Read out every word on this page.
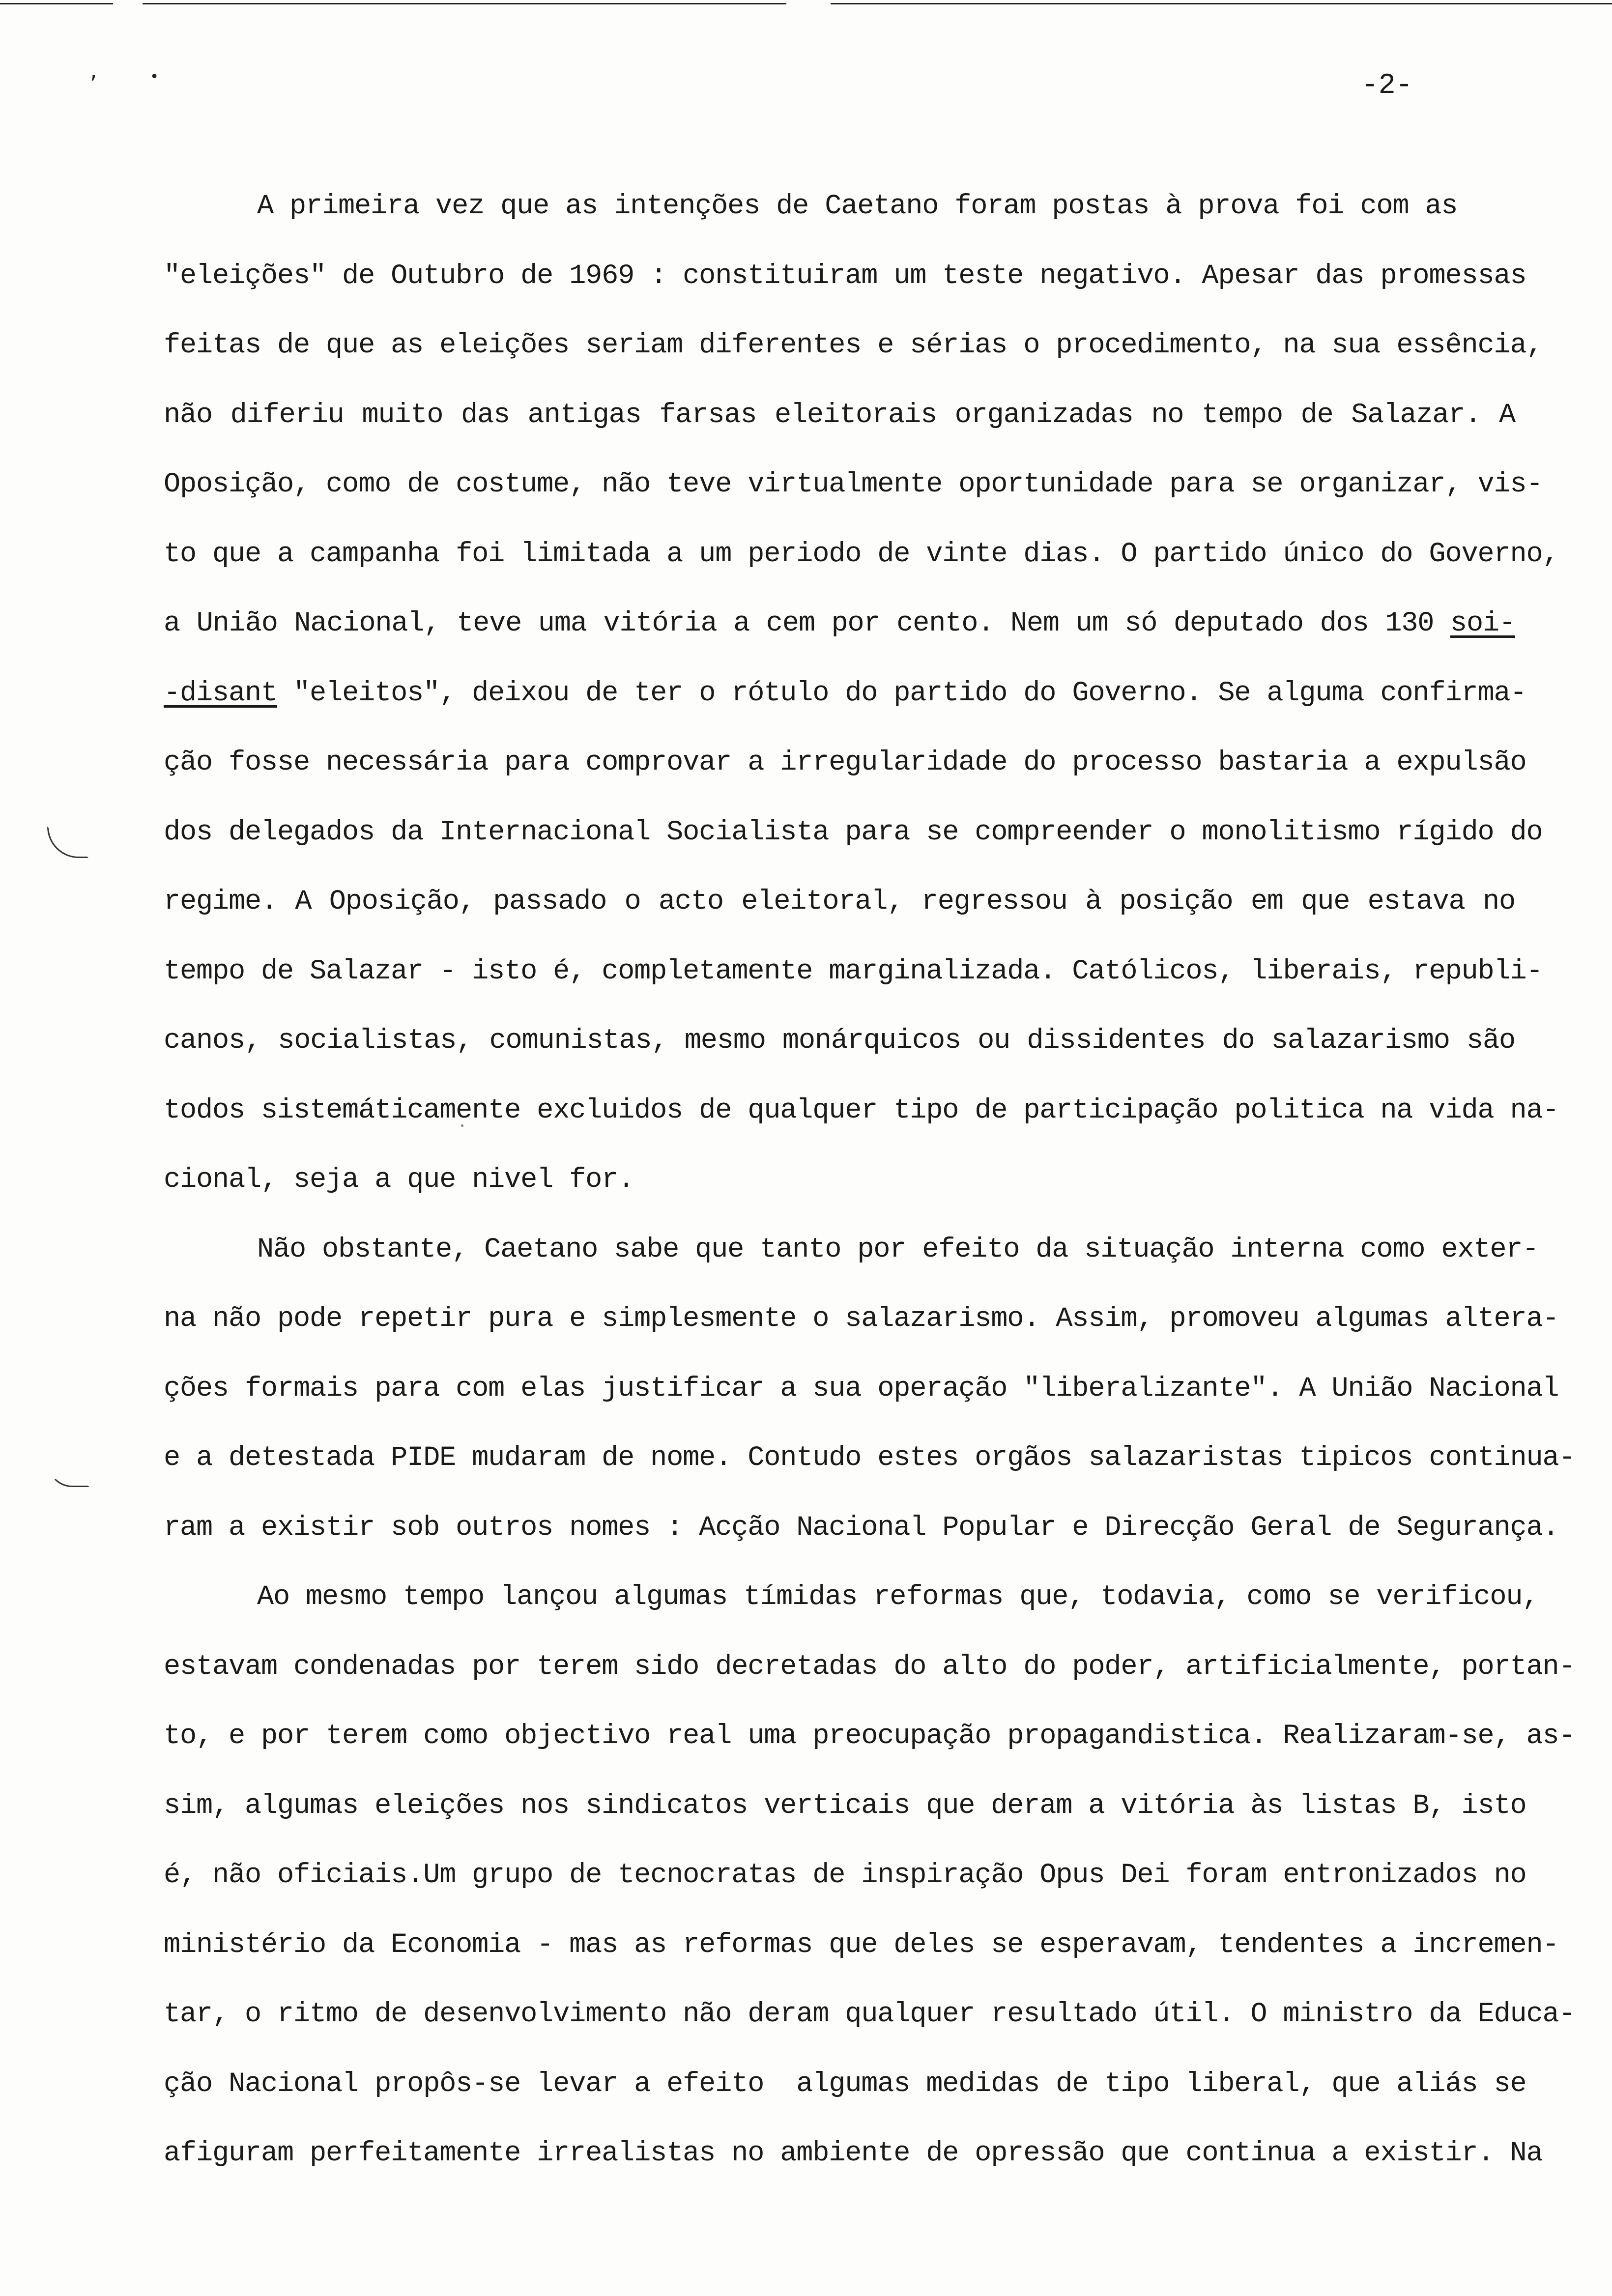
’	•	-2-
A primeira vez que as intenções de Caetano foram postas à prova foi com as
"eleições" de Outubro de 1969 : constituiram um teste negativo. Apesar das promessas
feitas de que as eleições seriam diferentes e sérias o procedimento, na sua essência,
não diferiu muito das antigas farsas eleitorais organizadas no tempo de Salazar. A
Oposição, como de costume, não teve virtualmente oportunidade para se organizar, vis-
to que a campanha foi limitada a um periodo de vinte dias. O partido único do Governo,
a União Nacional, teve uma vitória a cem por cento. Nem um só deputado dos 130 soi-
-disant "eleitos", deixou de ter o rótulo do partido do Governo. Se alguma confirma-
ção fosse necessária para comprovar a irregularidade do processo bastaria a expulsão
dos delegados da Internacional Socialista para se compreender o monolitismo rígido do
regime. A Oposição, passado o acto eleitoral, regressou à posição em que estava no
tempo de Salazar - isto é, completamente marginalizada. Católicos, liberais, republi-
canos, socialistas, comunistas, mesmo monárquicos ou dissidentes do salazarismo são
todos sistemáticamente excluidos de qualquer tipo de participação politica na vida na-
cional, seja a que nivel for.
Não obstante, Caetano sabe que tanto por efeito da situação interna como exter-
na não pode repetir pura e simplesmente o salazarismo. Assim, promoveu algumas altera-
ções formais para com elas justificar a sua operação "liberalizante". A União Nacional
e a detestada PIDE mudaram de nome. Contudo estes orgãos salazaristas tipicos continua-
ram a existir sob outros nomes : Acção Nacional Popular e Direcção Geral de Segurança.
Ao mesmo tempo lançou algumas tímidas reformas que, todavia, como se verificou,
estavam condenadas por terem sido decretadas do alto do poder, artificialmente, portan-
to, e por terem como objectivo real uma preocupação propagandistica. Realizaram-se, as-
sim, algumas eleições nos sindicatos verticais que deram a vitória às listas B, isto
é, não oficiais.Um grupo de tecnocratas de inspiração Opus Dei foram entronizados no
ministério da Economia - mas as reformas que deles se esperavam, tendentes a incremen-
tar, o ritmo de desenvolvimento não deram qualquer resultado útil. O ministro da Educa-
ção Nacional propôs-se levar a efeito  algumas medidas de tipo liberal, que aliás se
afiguram perfeitamente irrealistas no ambiente de opressão que continua a existir. Na
